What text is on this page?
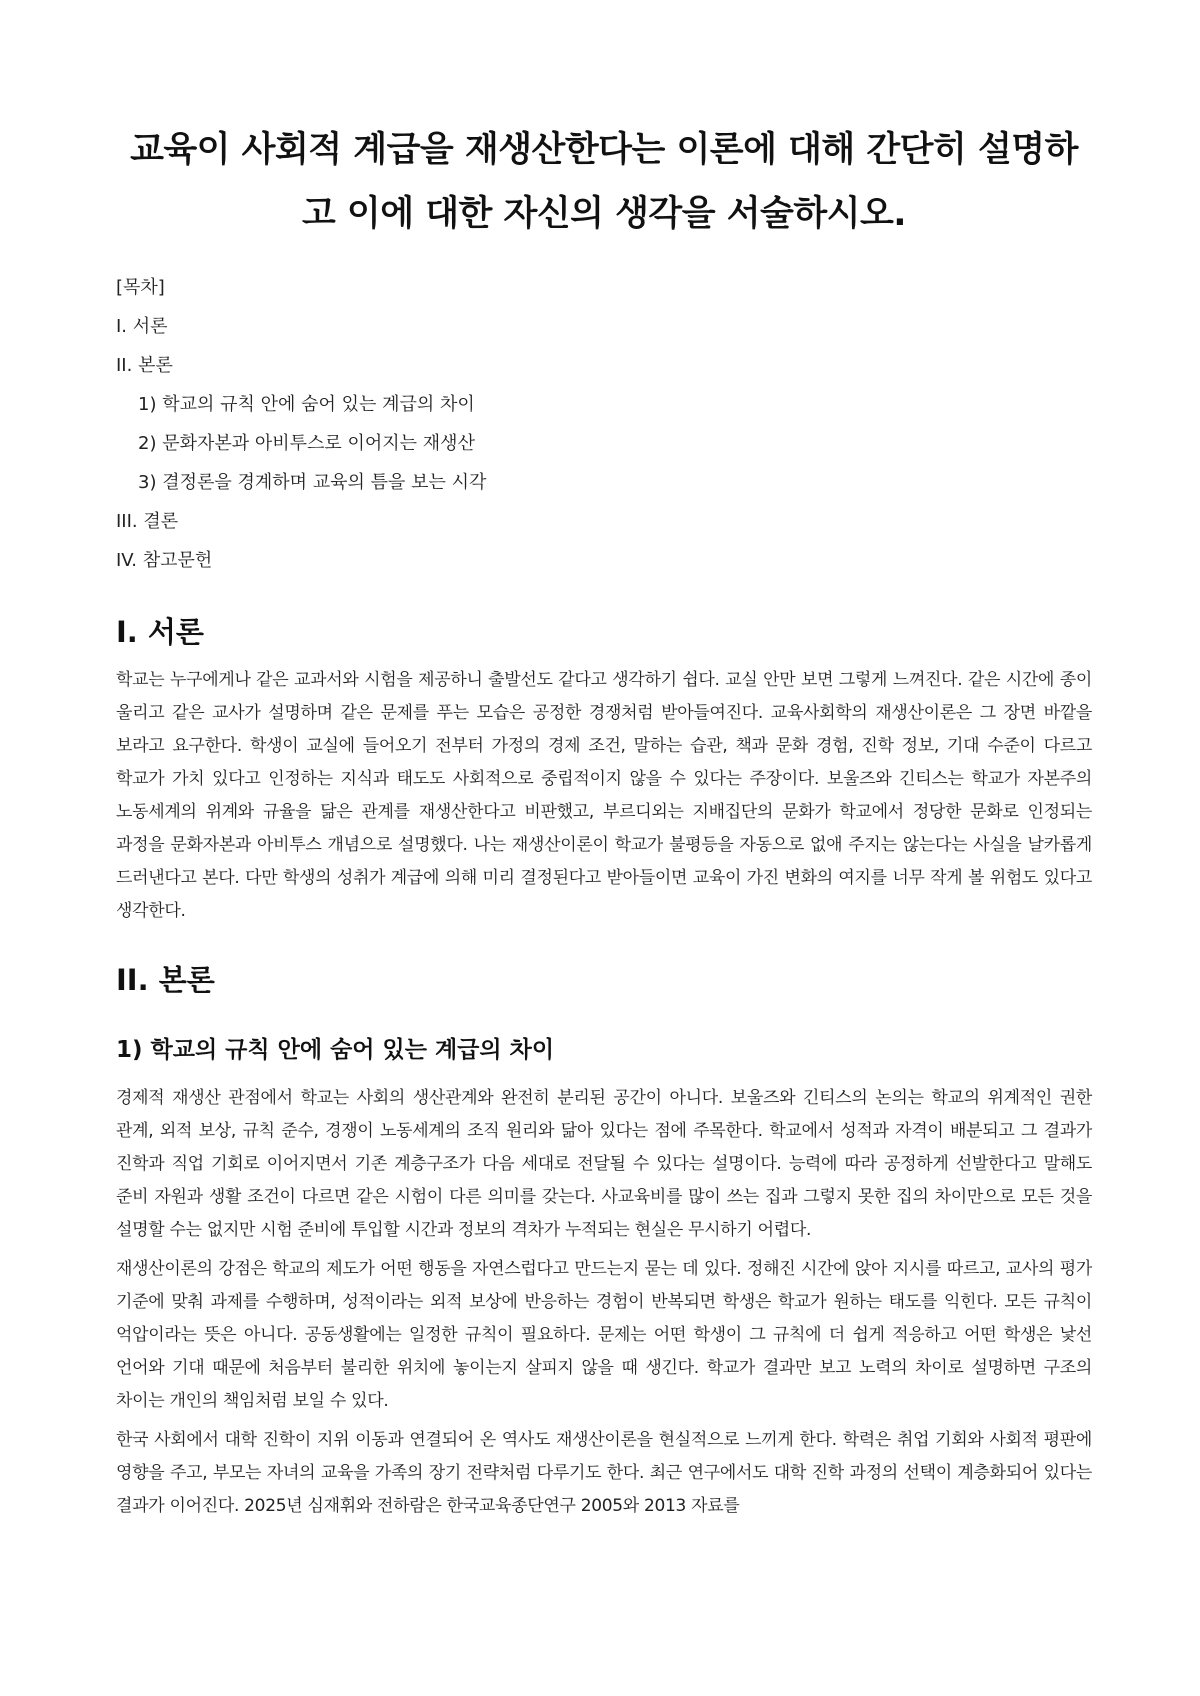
교육이 사회적 계급을 재생산한다는 이론에 대해 간단히 설명하고 이에 대한 자신의 생각을 서술하시오.
[목차]
I. 서론
II. 본론
1) 학교의 규칙 안에 숨어 있는 계급의 차이
2) 문화자본과 아비투스로 이어지는 재생산
3) 결정론을 경계하며 교육의 틈을 보는 시각
III. 결론
IV. 참고문헌
I. 서론

학교는 누구에게나 같은 교과서와 시험을 제공하니 출발선도 같다고 생각하기 쉽다. 교실 안만 보면 그렇게 느껴진다. 같은 시간에 종이 울리고 같은 교사가 설명하며 같은 문제를 푸는 모습은 공정한 경쟁처럼 받아들여진다. 교육사회학의 재생산이론은 그 장면 바깥을 보라고 요구한다. 학생이 교실에 들어오기 전부터 가정의 경제 조건, 말하는 습관, 책과 문화 경험, 진학 정보, 기대 수준이 다르고 학교가 가치 있다고 인정하는 지식과 태도도 사회적으로 중립적이지 않을 수 있다는 주장이다. 보울즈와 긴티스는 학교가 자본주의 노동세계의 위계와 규율을 닮은 관계를 재생산한다고 비판했고, 부르디외는 지배집단의 문화가 학교에서 정당한 문화로 인정되는 과정을 문화자본과 아비투스 개념으로 설명했다. 나는 재생산이론이 학교가 불평등을 자동으로 없애 주지는 않는다는 사실을 날카롭게 드러낸다고 본다. 다만 학생의 성취가 계급에 의해 미리 결정된다고 받아들이면 교육이 가진 변화의 여지를 너무 작게 볼 위험도 있다고 생각한다.

II. 본론
1) 학교의 규칙 안에 숨어 있는 계급의 차이

경제적 재생산 관점에서 학교는 사회의 생산관계와 완전히 분리된 공간이 아니다. 보울즈와 긴티스의 논의는 학교의 위계적인 권한 관계, 외적 보상, 규칙 준수, 경쟁이 노동세계의 조직 원리와 닮아 있다는 점에 주목한다. 학교에서 성적과 자격이 배분되고 그 결과가 진학과 직업 기회로 이어지면서 기존 계층구조가 다음 세대로 전달될 수 있다는 설명이다. 능력에 따라 공정하게 선발한다고 말해도 준비 자원과 생활 조건이 다르면 같은 시험이 다른 의미를 갖는다. 사교육비를 많이 쓰는 집과 그렇지 못한 집의 차이만으로 모든 것을 설명할 수는 없지만 시험 준비에 투입할 시간과 정보의 격차가 누적되는 현실은 무시하기 어렵다.

재생산이론의 강점은 학교의 제도가 어떤 행동을 자연스럽다고 만드는지 묻는 데 있다. 정해진 시간에 앉아 지시를 따르고, 교사의 평가 기준에 맞춰 과제를 수행하며, 성적이라는 외적 보상에 반응하는 경험이 반복되면 학생은 학교가 원하는 태도를 익힌다. 모든 규칙이 억압이라는 뜻은 아니다. 공동생활에는 일정한 규칙이 필요하다. 문제는 어떤 학생이 그 규칙에 더 쉽게 적응하고 어떤 학생은 낯선 언어와 기대 때문에 처음부터 불리한 위치에 놓이는지 살피지 않을 때 생긴다. 학교가 결과만 보고 노력의 차이로 설명하면 구조의 차이는 개인의 책임처럼 보일 수 있다.

한국 사회에서 대학 진학이 지위 이동과 연결되어 온 역사도 재생산이론을 현실적으로 느끼게 한다. 학력은 취업 기회와 사회적 평판에 영향을 주고, 부모는 자녀의 교육을 가족의 장기 전략처럼 다루기도 한다. 최근 연구에서도 대학 진학 과정의 선택이 계층화되어 있다는 결과가 이어진다. 2025년 심재휘와 전하람은 한국교육종단연구 2005와 2013 자료를
